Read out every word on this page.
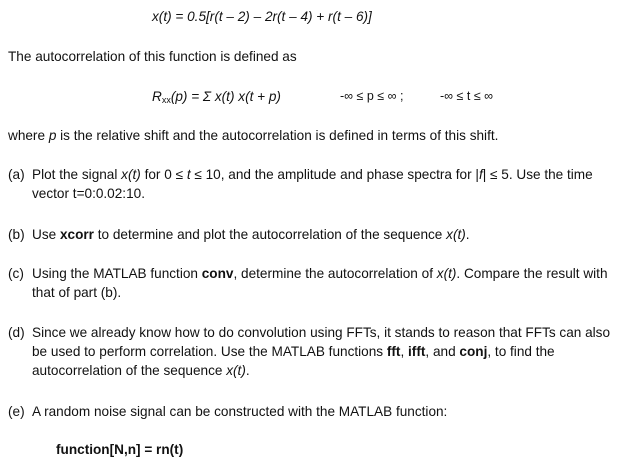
x(t) = 0.5[r(t – 2) – 2r(t – 4) + r(t – 6)]
The autocorrelation of this function is defined as
$R_{xx}(p) = \Sigma$ x(t) x(t + p)	-∞ ≤ p ≤ ∞ ;	-∞ ≤ t ≤ ∞
where p is the relative shift and the autocorrelation is defined in terms of this shift.
(a) Plot the signal x(t) for 0 ≤ t ≤ 10, and the amplitude and phase spectra for |f| ≤ 5. Use the time vector t=0:0.02:10.
(b) Use xcorr to determine and plot the autocorrelation of the sequence x(t).
(c) Using the MATLAB function conv, determine the autocorrelation of x(t). Compare the result with that of part (b).
(d) Since we already know how to do convolution using FFTs, it stands to reason that FFTs can also be used to perform correlation. Use the MATLAB functions fft, ifft, and conj, to find the autocorrelation of the sequence x(t).
(e) A random noise signal can be constructed with the MATLAB function:
function[N,n] = rn(t)
